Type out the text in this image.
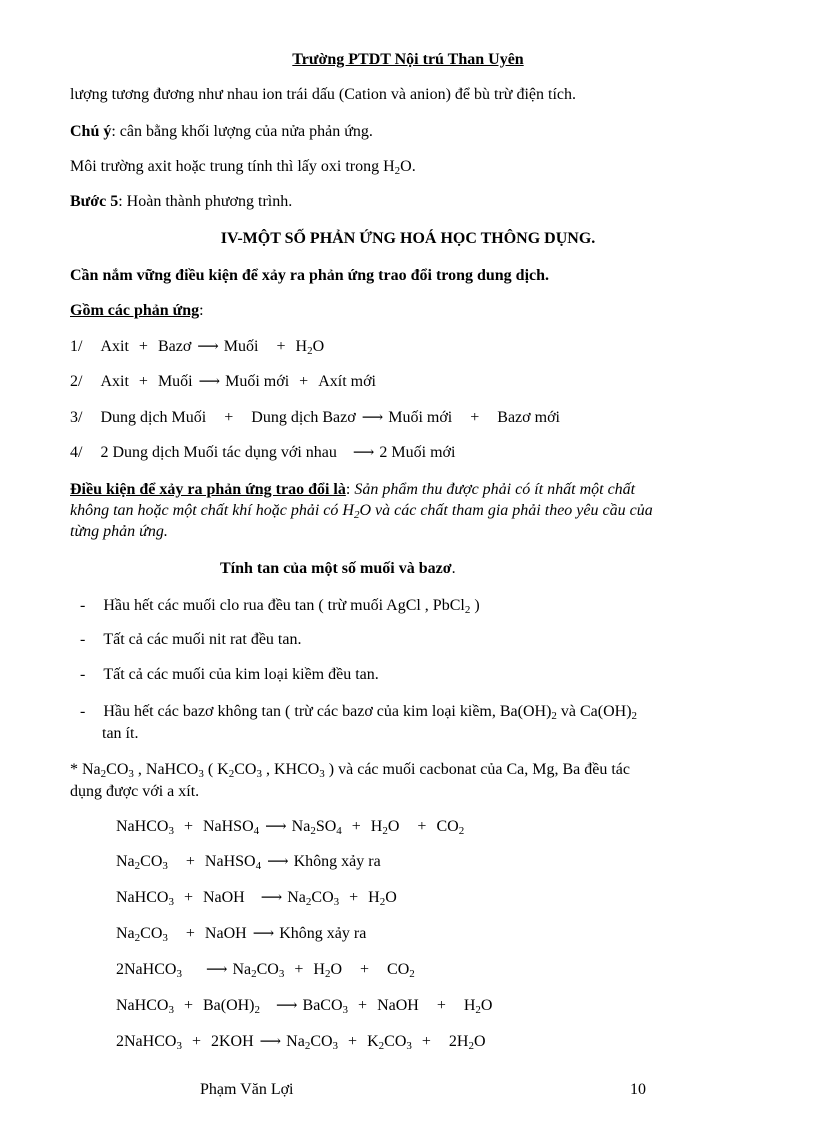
Trường PTDT Nội trú Than Uyên
lượng tương đương như nhau ion trái dấu (Cation và anion) để bù trừ điện tích.
Chú ý: cân bằng khối lượng của nửa phản ứng.
Môi trường axit hoặc trung tính thì lấy oxi trong $H_2O$.
Bước 5: Hoàn thành phương trình.
IV-MỘT SỐ PHẢN ỨNG HOÁ HỌC THÔNG DỤNG.
Cần nắm vững điều kiện để xảy ra phản ứng trao đổi trong dung dịch.
Gồm các phản ứng:
1/ Axit + Bazơ ⟶ Muối + $H_2O$
2/ Axit + Muối ⟶ Muối mới + Axít mới
3/ Dung dịch Muối + Dung dịch Bazơ ⟶ Muối mới + Bazơ mới
4/ 2 Dung dịch Muối tác dụng với nhau ⟶ 2 Muối mới
Điều kiện để xảy ra phản ứng trao đổi là: Sản phẩm thu được phải có ít nhất một chất
không tan hoặc một chất khí hoặc phải có $H_2O$ và các chất tham gia phải theo yêu cầu của
từng phản ứng.
Tính tan của một số muối và bazơ.
- Hầu hết các muối clo rua đều tan ( trừ muối AgCl , PbCl$_2$ )
- Tất cả các muối nit rat đều tan.
- Tất cả các muối của kim loại kiềm đều tan.
- Hầu hết các bazơ không tan ( trừ các bazơ của kim loại kiềm, $Ba(OH)_2$ và $Ca(OH)_2$
tan ít.
* $Na_2CO_3$ , NaHCO$_3$ ( $K_2CO_3$ , $KHCO_3$ ) và các muối cacbonat của Ca, Mg, Ba đều tác
dụng được với a xít.
NaHCO$_3$ + NaHSO$_4$ ⟶ $Na_2SO_4 + H_2O + CO_2$
$Na_2CO_3$ + NaHSO$_4$ ⟶ Không xảy ra
NaHCO$_3$ + NaOH ⟶ $Na_2CO_3 + H_2O$
$Na_2CO_3$ + NaOH ⟶ Không xảy ra
2NaHCO$_3$ ⟶ $Na_2CO_3 + H_2O + CO_2$
NaHCO$_3$ + $Ba(OH)_2$ ⟶ BaCO$_3$ + NaOH + $H_2O$
2NaHCO$_3$ + 2KOH ⟶ $Na_2CO_3 + K_2CO_3 + 2H_2O$
Phạm Văn Lợi	10
